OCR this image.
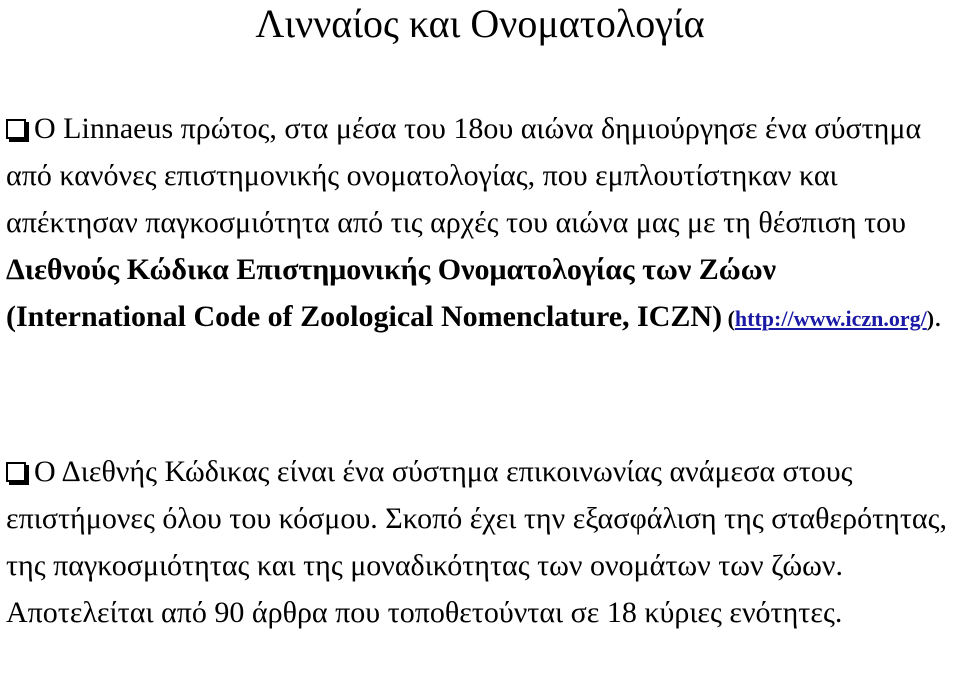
Λινναίος και Ονοματολογία
O Linnaeus πρώτος, στα μέσα του 18ου αιώνα δημιούργησε ένα σύστημα από κανόνες επιστημονικής ονοματολογίας, που εμπλουτίστηκαν και απέκτησαν παγκοσμιότητα από τις αρχές του αιώνα μας με τη θέσπιση του Διεθνούς Κώδικα Επιστημονικής Ονοματολογίας των Ζώων (International Code of Zoological Nomenclature, ICZN) (http://www.iczn.org/).
Ο Διεθνής Κώδικας είναι ένα σύστημα επικοινωνίας ανάμεσα στους επιστήμονες όλου του κόσμου. Σκοπό έχει την εξασφάλιση της σταθερότητας, της παγκοσμιότητας και της μοναδικότητας των ονομάτων των ζώων. Αποτελείται από 90 άρθρα που τοποθετούνται σε 18 κύριες ενότητες.
